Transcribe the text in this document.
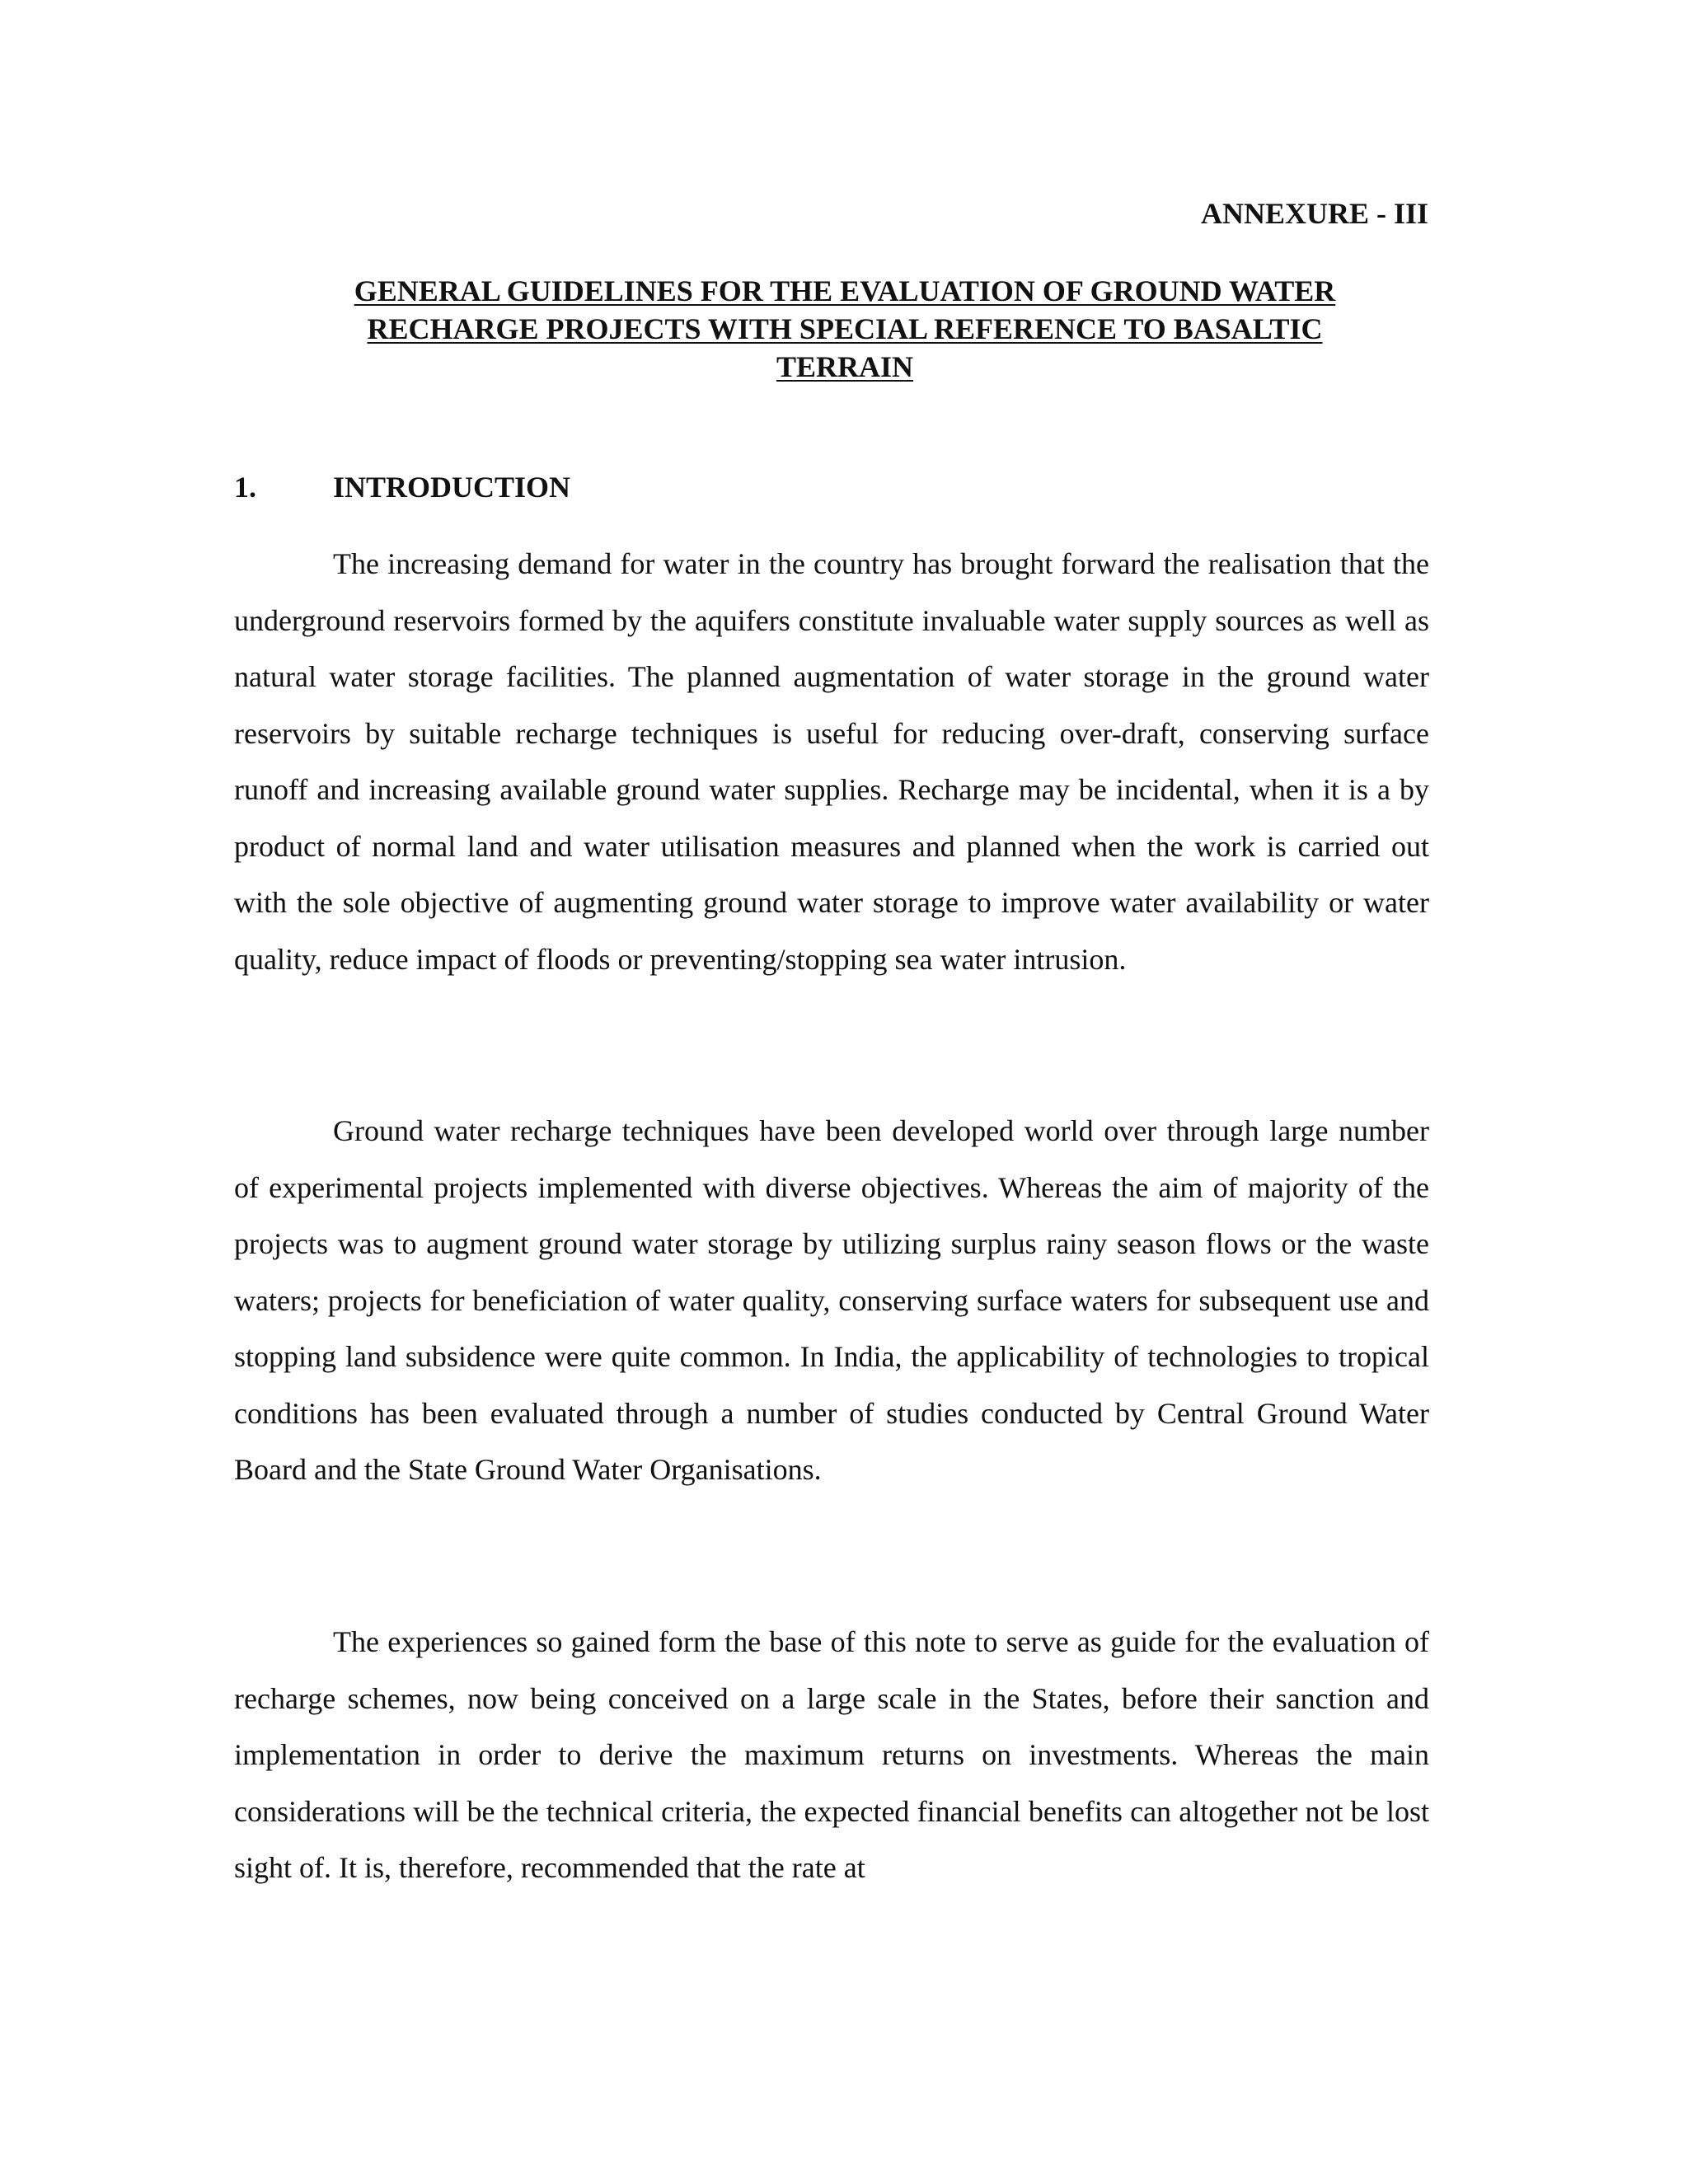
ANNEXURE - III
GENERAL GUIDELINES FOR THE EVALUATION OF GROUND WATER
RECHARGE PROJECTS WITH SPECIAL REFERENCE TO BASALTIC
TERRAIN
1.	INTRODUCTION

The increasing demand for water in the country has brought forward the realisation that the underground reservoirs formed by the aquifers constitute invaluable water supply sources as well as natural water storage facilities. The planned augmentation of water storage in the ground water reservoirs by suitable recharge techniques is useful for reducing over-draft, conserving surface runoff and increasing available ground water supplies. Recharge may be incidental, when it is a by product of normal land and water utilisation measures and planned when the work is carried out with the sole objective of augmenting ground water storage to improve water availability or water quality, reduce impact of floods or preventing/stopping sea water intrusion.

Ground water recharge techniques have been developed world over through large number of experimental projects implemented with diverse objectives. Whereas the aim of majority of the projects was to augment ground water storage by utilizing surplus rainy season flows or the waste waters; projects for beneficiation of water quality, conserving surface waters for subsequent use and stopping land subsidence were quite common. In India, the applicability of technologies to tropical conditions has been evaluated through a number of studies conducted by Central Ground Water Board and the State Ground Water Organisations.

The experiences so gained form the base of this note to serve as guide for the evaluation of recharge schemes, now being conceived on a large scale in the States, before their sanction and implementation in order to derive the maximum returns on investments. Whereas the main considerations will be the technical criteria, the expected financial benefits can altogether not be lost sight of. It is, therefore, recommended that the rate at
